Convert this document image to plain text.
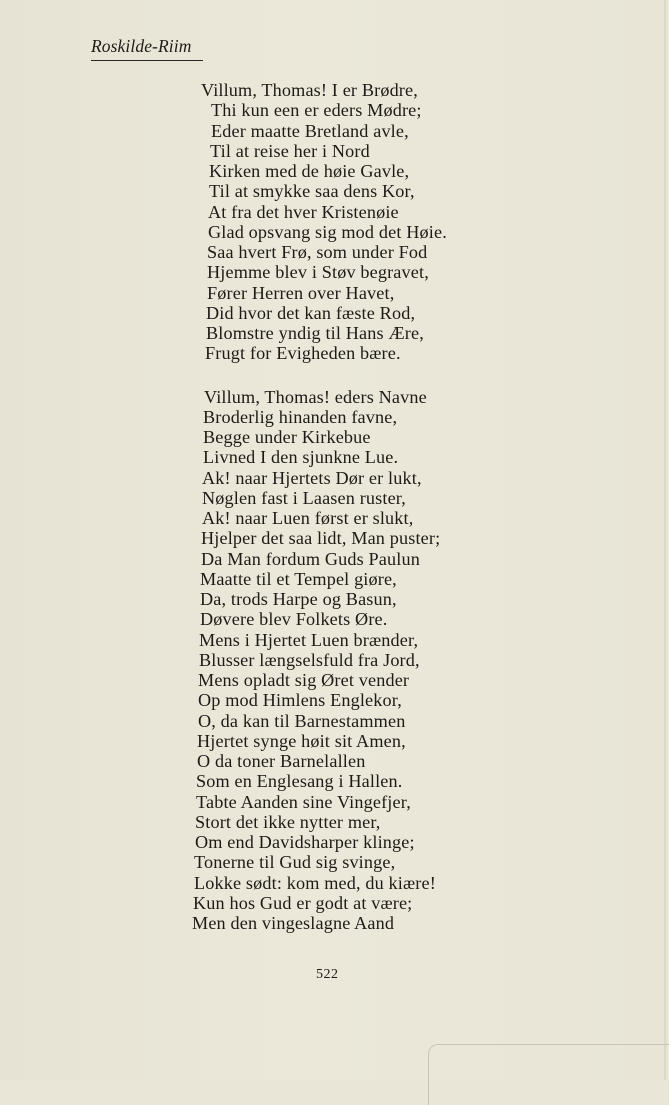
Roskilde-Riim

Villum, Thomas! I er Brødre,
Thi kun een er eders Mødre;
Eder maatte Bretland avle,
Til at reise her i Nord
Kirken med de høie Gavle,
Til at smykke saa dens Kor,
At fra det hver Kristenøie
Glad opsvang sig mod det Høie.
Saa hvert Frø, som under Fod
Hjemme blev i Støv begravet,
Fører Herren over Havet,
Did hvor det kan fæste Rod,
Blomstre yndig til Hans Ære,
Frugt for Evigheden bære.

Villum, Thomas! eders Navne
Broderlig hinanden favne,
Begge under Kirkebue
Livned I den sjunkne Lue.
Ak! naar Hjertets Dør er lukt,
Nøglen fast i Laasen ruster,
Ak! naar Luen først er slukt,
Hjelper det saa lidt, Man puster;
Da Man fordum Guds Paulun
Maatte til et Tempel giøre,
Da, trods Harpe og Basun,
Døvere blev Folkets Øre.
Mens i Hjertet Luen brænder,
Blusser længselsfuld fra Jord,
Mens opladt sig Øret vender
Op mod Himlens Englekor,
O, da kan til Barnestammen
Hjertet synge høit sit Amen,
O da toner Barnelallen
Som en Englesang i Hallen.
Tabte Aanden sine Vingefjer,
Stort det ikke nytter mer,
Om end Davidsharper klinge;
Tonerne til Gud sig svinge,
Lokke sødt: kom med, du kiære!
Kun hos Gud er godt at være;
Men den vingeslagne Aand

522
